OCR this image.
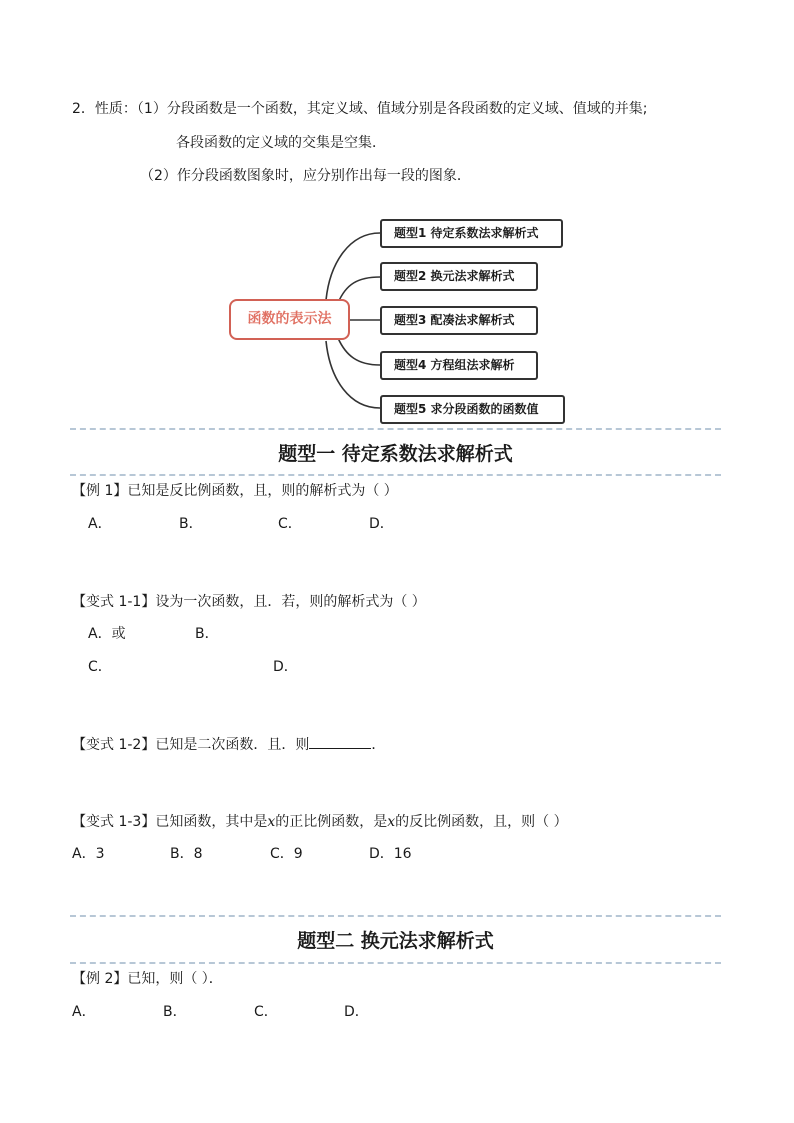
2．性质：（1）分段函数是一个函数，其定义域、值域分别是各段函数的定义域、值域的并集;
各段函数的定义域的交集是空集．
（2）作分段函数图象时，应分别作出每一段的图象．
函数的表示法
题型1 待定系数法求解析式
题型2 换元法求解析式
题型3 配凑法求解析式
题型4 方程组法求解析
题型5 求分段函数的函数值
题型一 待定系数法求解析式
【例 1】已知是反比例函数，且，则的解析式为（ ）
A．	B．	C．	D．
【变式 1-1】设为一次函数，且．若，则的解析式为（ ）
A．或	B．
C．	D．
【变式 1-2】已知是二次函数．且．则	．
【变式 1-3】已知函数，其中是x的正比例函数，是x的反比例函数，且，则（ ）
A．3	B．8	C．9	D．16
题型二 换元法求解析式
【例 2】已知，则（ ）．
A．	B．	C．	D．
